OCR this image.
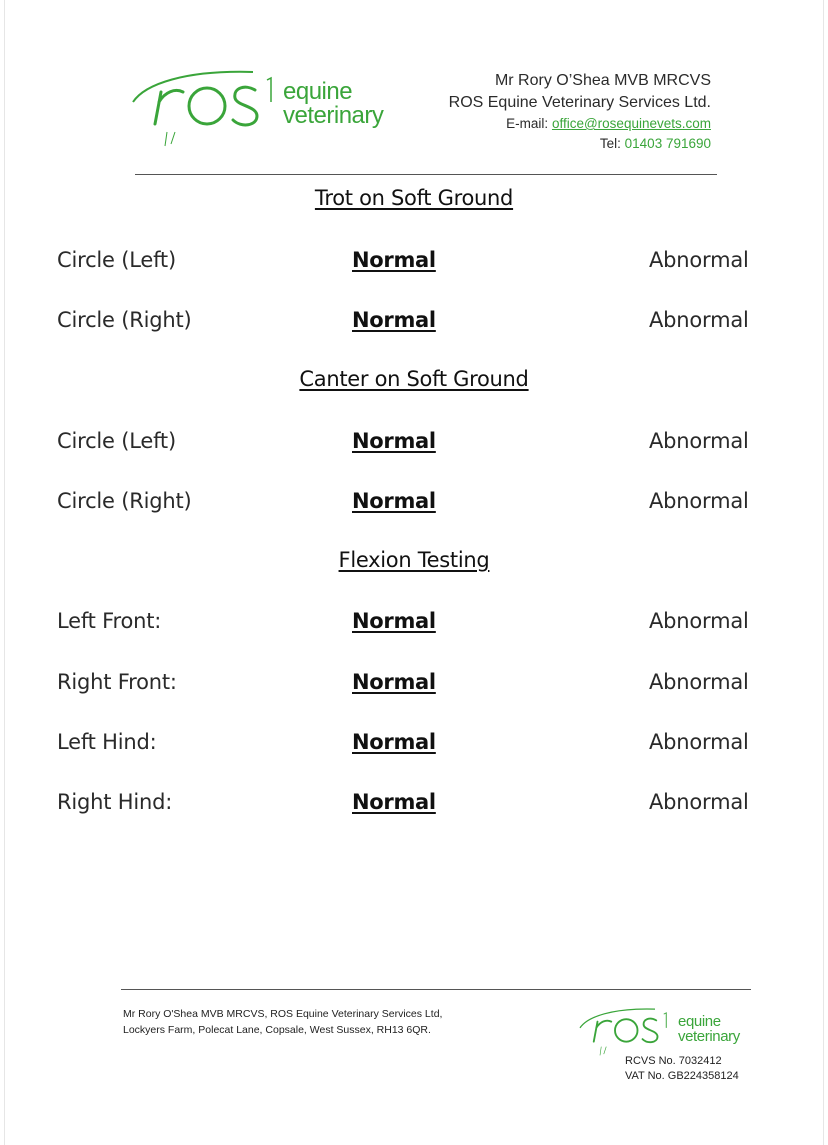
equine
veterinary
Mr Rory O’Shea MVB MRCVS
ROS Equine Veterinary Services Ltd.
E-mail: office@rosequinevets.com
Tel: 01403 791690
Trot on Soft Ground
Circle (Left)	Normal	Abnormal
Circle (Right)	Normal	Abnormal
Canter on Soft Ground
Circle (Left)	Normal	Abnormal
Circle (Right)	Normal	Abnormal
Flexion Testing
Left Front:	Normal	Abnormal
Right Front:	Normal	Abnormal
Left Hind:	Normal	Abnormal
Right Hind:	Normal	Abnormal
Mr Rory O'Shea MVB MRCVS, ROS Equine Veterinary Services Ltd,
Lockyers Farm, Polecat Lane, Copsale, West Sussex, RH13 6QR.	equine
veterinary
RCVS No. 7032412
VAT No. GB224358124
